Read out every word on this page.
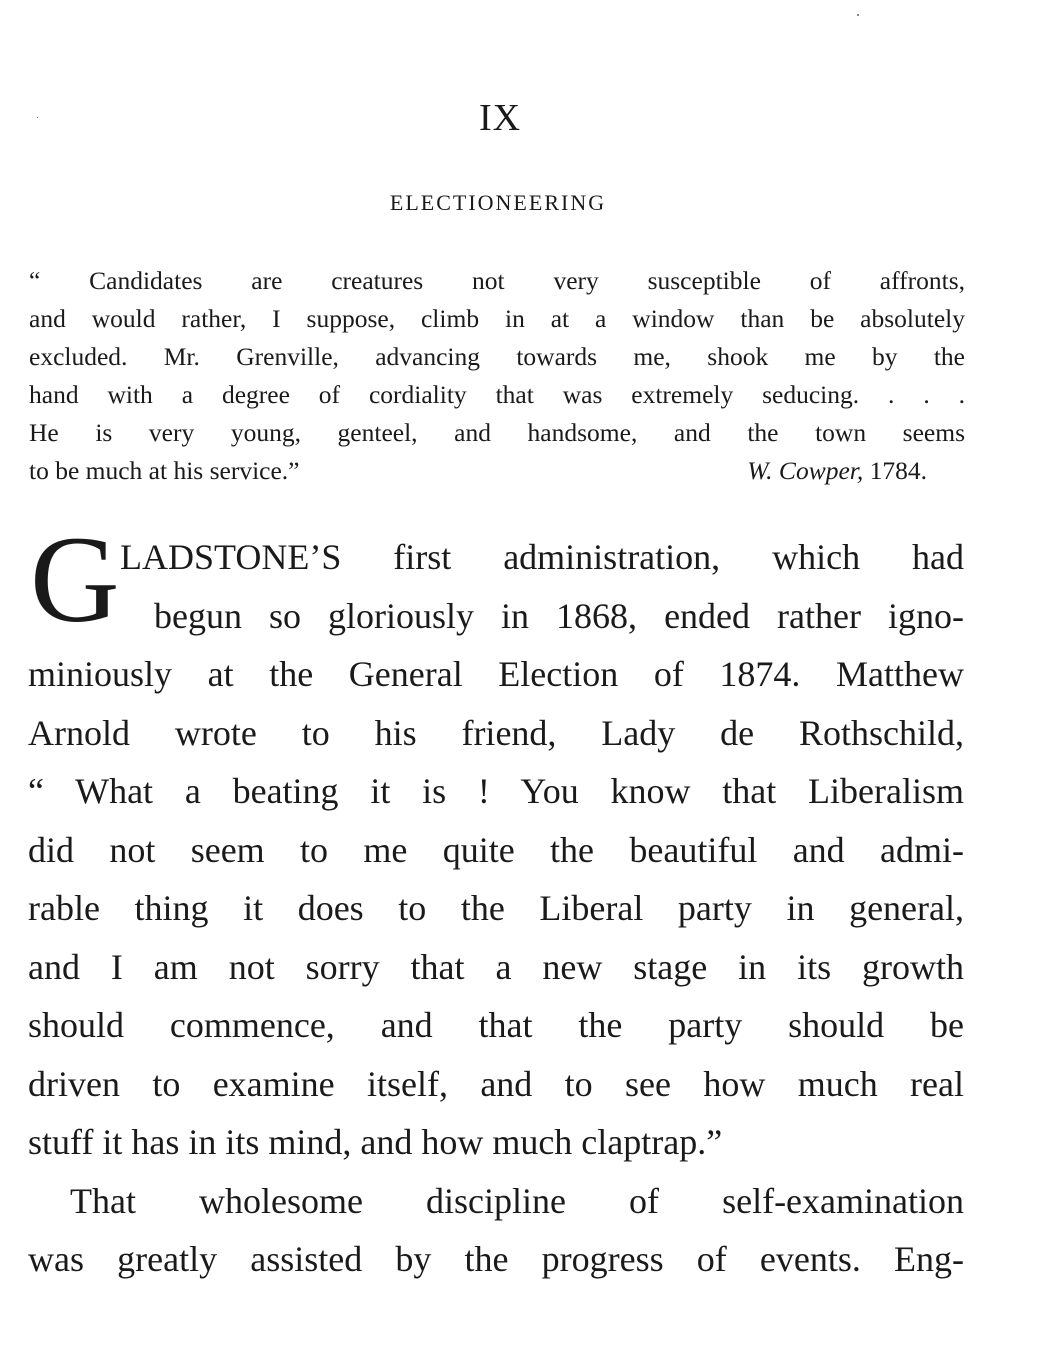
IX
ELECTIONEERING
“ Candidates are creatures not very susceptible of affronts,
and would rather, I suppose, climb in at a window than be absolutely
excluded. Mr. Grenville, advancing towards me, shook me by the
hand with a degree of cordiality that was extremely seducing. . . .
He is very young, genteel, and handsome, and the town seems
to be much at his service.”	W. Cowper, 1784.
G LADSTONE’S first administration, which had
begun so gloriously in 1868, ended rather igno-
miniously at the General Election of 1874. Matthew
Arnold wrote to his friend, Lady de Rothschild,
“ What a beating it is ! You know that Liberalism
did not seem to me quite the beautiful and admi-
rable thing it does to the Liberal party in general,
and I am not sorry that a new stage in its growth
should commence, and that the party should be
driven to examine itself, and to see how much real
stuff it has in its mind, and how much claptrap.”
That wholesome discipline of self-examination
was greatly assisted by the progress of events. Eng-
